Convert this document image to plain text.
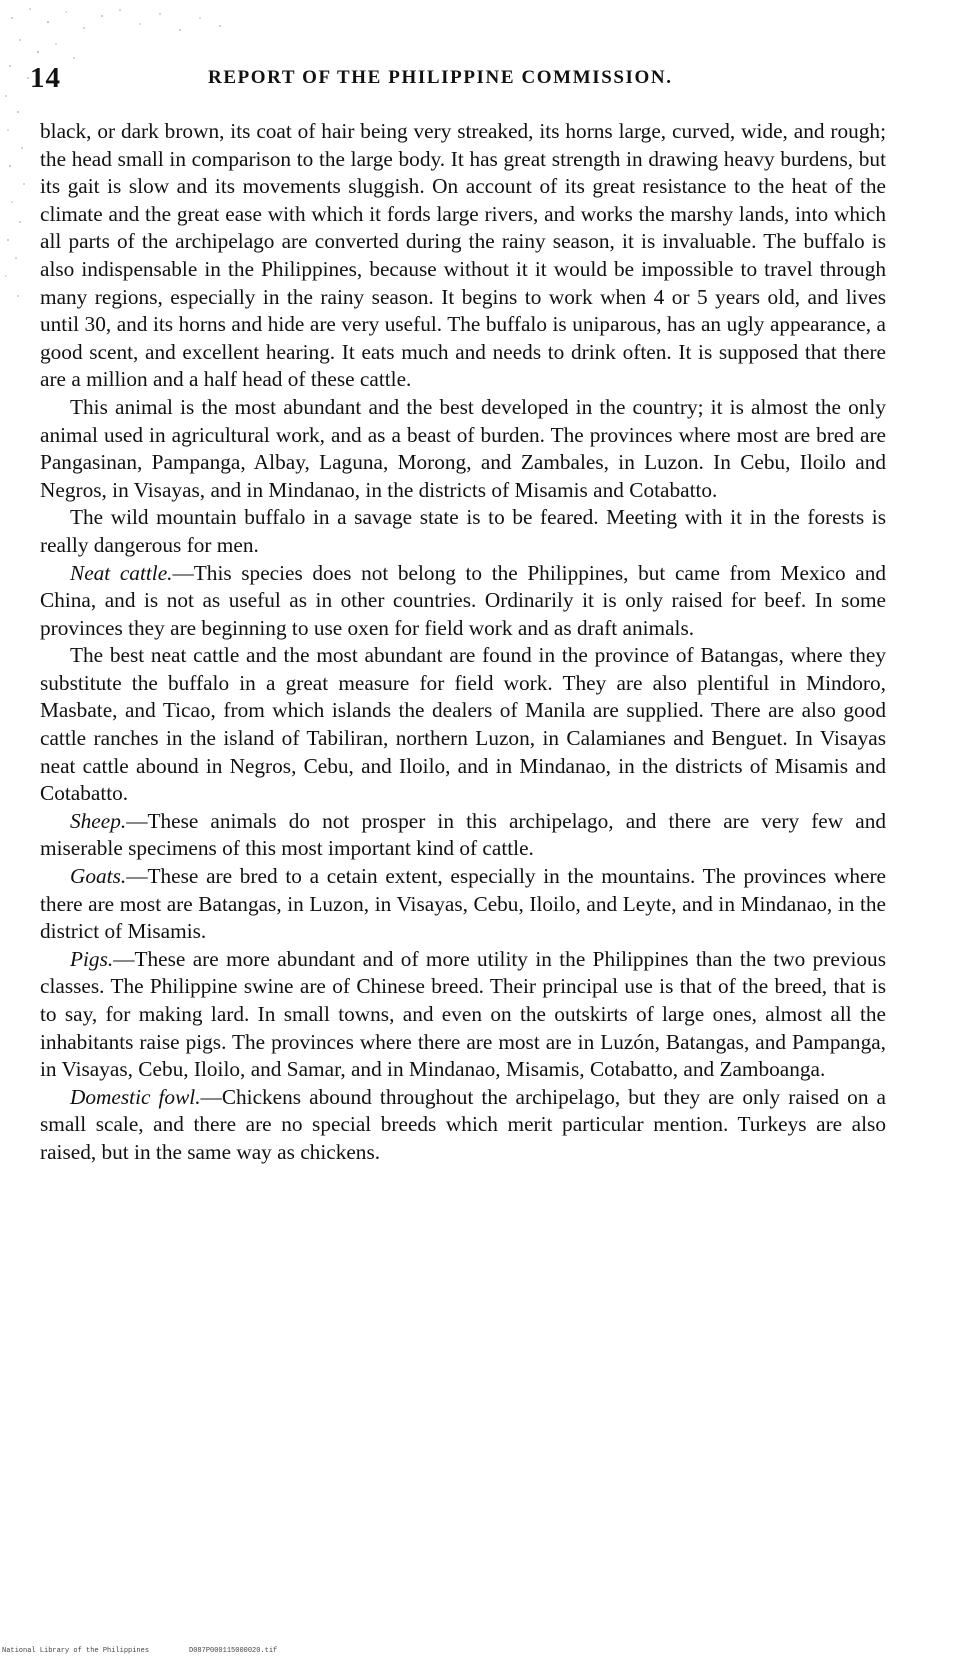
14	REPORT OF THE PHILIPPINE COMMISSION.

black, or dark brown, its coat of hair being very streaked, its horns large, curved, wide, and rough; the head small in comparison to the large body. It has great strength in drawing heavy burdens, but its gait is slow and its movements sluggish. On account of its great resistance to the heat of the climate and the great ease with which it fords large rivers, and works the marshy lands, into which all parts of the archipelago are converted during the rainy season, it is invaluable. The buffalo is also indispensable in the Philippines, because without it it would be impossible to travel through many regions, especially in the rainy season. It begins to work when 4 or 5 years old, and lives until 30, and its horns and hide are very useful. The buffalo is uniparous, has an ugly appearance, a good scent, and excellent hearing. It eats much and needs to drink often. It is supposed that there are a million and a half head of these cattle.

This animal is the most abundant and the best developed in the country; it is almost the only animal used in agricultural work, and as a beast of burden. The provinces where most are bred are Pangasinan, Pampanga, Albay, Laguna, Morong, and Zambales, in Luzon. In Cebu, Iloilo and Negros, in Visayas, and in Mindanao, in the districts of Misamis and Cotabatto.

The wild mountain buffalo in a savage state is to be feared. Meeting with it in the forests is really dangerous for men.

Neat cattle.—This species does not belong to the Philippines, but came from Mexico and China, and is not as useful as in other countries. Ordinarily it is only raised for beef. In some provinces they are beginning to use oxen for field work and as draft animals.

The best neat cattle and the most abundant are found in the province of Batangas, where they substitute the buffalo in a great measure for field work. They are also plentiful in Mindoro, Masbate, and Ticao, from which islands the dealers of Manila are supplied. There are also good cattle ranches in the island of Tabiliran, northern Luzon, in Calamianes and Benguet. In Visayas neat cattle abound in Negros, Cebu, and Iloilo, and in Mindanao, in the districts of Misamis and Cotabatto.

Sheep.—These animals do not prosper in this archipelago, and there are very few and miserable specimens of this most important kind of cattle.

Goats.—These are bred to a cetain extent, especially in the mountains. The provinces where there are most are Batangas, in Luzon, in Visayas, Cebu, Iloilo, and Leyte, and in Mindanao, in the district of Misamis.

Pigs.—These are more abundant and of more utility in the Philippines than the two previous classes. The Philippine swine are of Chinese breed. Their principal use is that of the breed, that is to say, for making lard. In small towns, and even on the outskirts of large ones, almost all the inhabitants raise pigs. The provinces where there are most are in Luzón, Batangas, and Pampanga, in Visayas, Cebu, Iloilo, and Samar, and in Mindanao, Misamis, Cotabatto, and Zamboanga.

Domestic fowl.—Chickens abound throughout the archipelago, but they are only raised on a small scale, and there are no special breeds which merit particular mention. Turkeys are also raised, but in the same way as chickens.

National Library of the Philippines	D087P000115000020.tif
